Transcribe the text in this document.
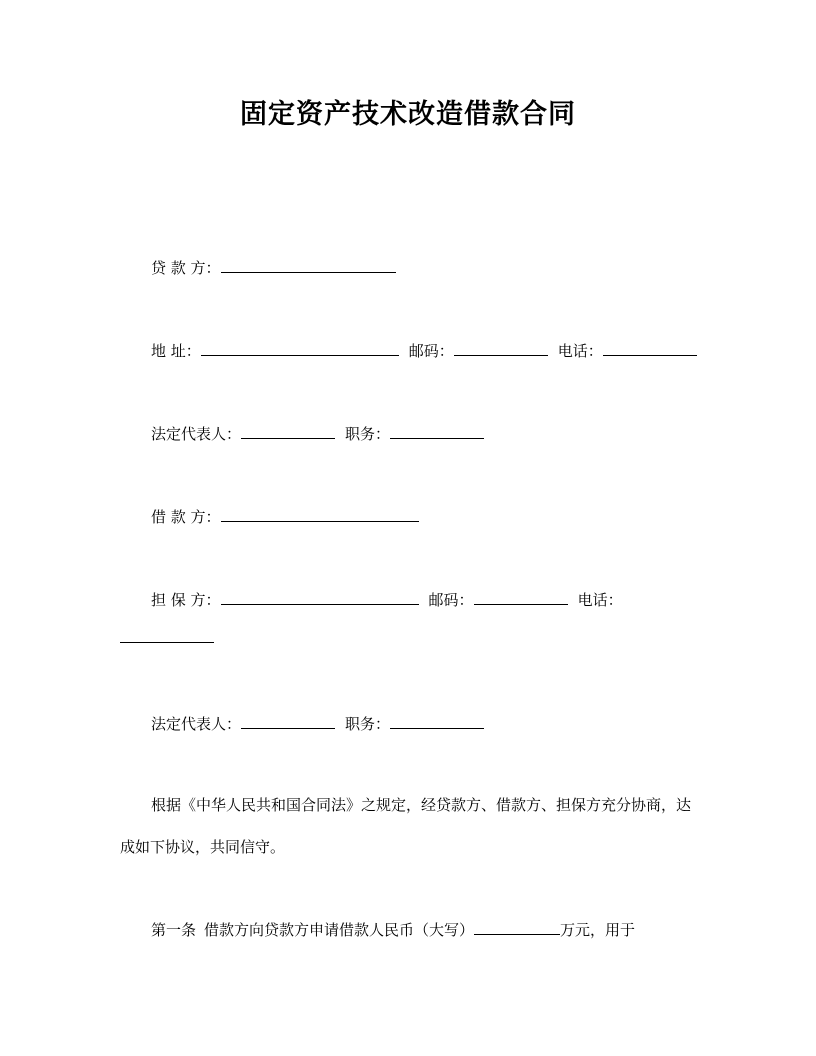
固定资产技术改造借款合同
贷 款 方：
地 址：	邮码：	电话：
法定代表人：	职务：
借 款 方：
担 保 方：	邮码：	电话：
法定代表人：	职务：
根据《中华人民共和国合同法》之规定，经贷款方、借款方、担保方充分协商，达成如下协议，共同信守。
第一条 借款方向贷款方申请借款人民币（大写）	万元，用于
